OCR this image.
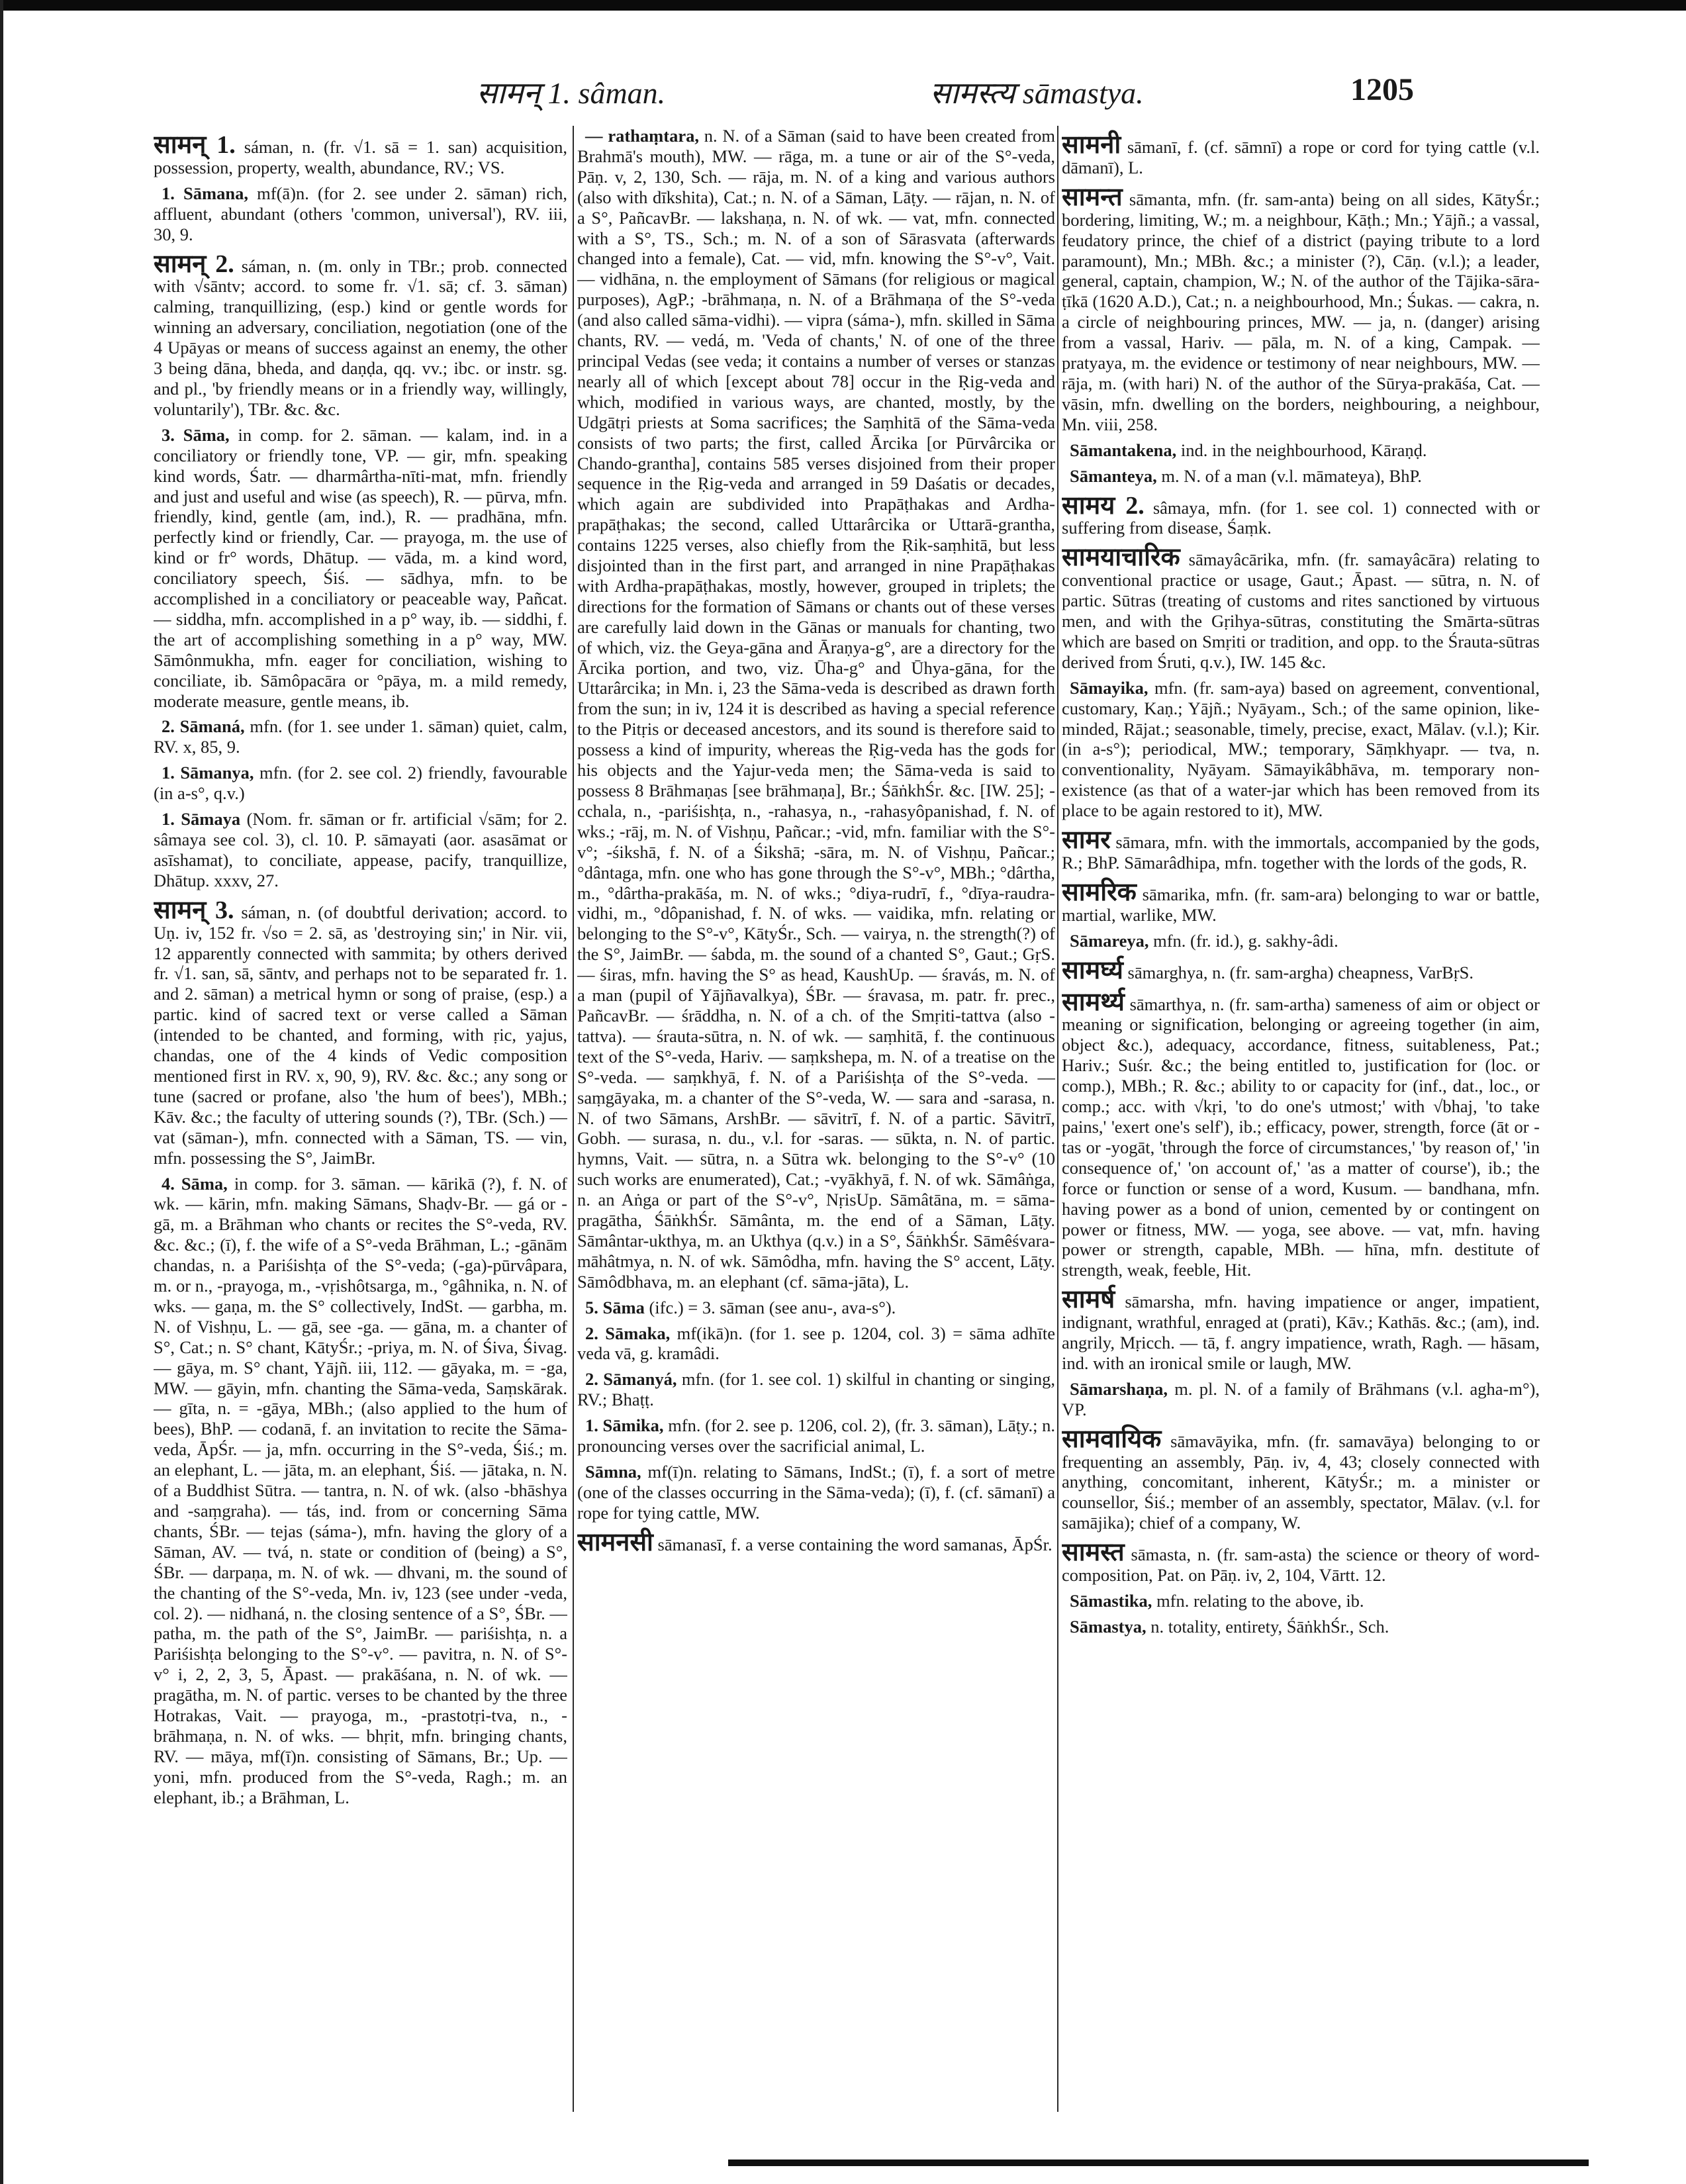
सामन् 1. sâman.	सामस्त्य sāmastya.	1205

सामन् 1. sáman, n. (fr. √1. sā = 1. san) acquisition, possession, property, wealth, abundance, RV.; VS.

1. Sāmana, mf(ā)n. (for 2. see under 2. sāman) rich, affluent, abundant (others 'common, universal'), RV. iii, 30, 9.

सामन् 2. sáman, n. (m. only in TBr.; prob. connected with √sāntv; accord. to some fr. √1. sā; cf. 3. sāman) calming, tranquillizing, (esp.) kind or gentle words for winning an adversary, conciliation, negotiation (one of the 4 Upāyas or means of success against an enemy, the other 3 being dāna, bheda, and daṇḍa, qq. vv.; ibc. or instr. sg. and pl., 'by friendly means or in a friendly way, willingly, voluntarily'), TBr. &c. &c.

3. Sāma, in comp. for 2. sāman. — kalam, ind. in a conciliatory or friendly tone, VP. — gir, mfn. speaking kind words, Śatr. — dharmârtha-nīti-mat, mfn. friendly and just and useful and wise (as speech), R. — pūrva, mfn. friendly, kind, gentle (am, ind.), R. — pradhāna, mfn. perfectly kind or friendly, Car. — prayoga, m. the use of kind or fr° words, Dhātup. — vāda, m. a kind word, conciliatory speech, Śiś. — sādhya, mfn. to be accomplished in a conciliatory or peaceable way, Pañcat. — siddha, mfn. accomplished in a p° way, ib. — siddhi, f. the art of accomplishing something in a p° way, MW. Sāmônmukha, mfn. eager for conciliation, wishing to conciliate, ib. Sāmôpacāra or °pāya, m. a mild remedy, moderate measure, gentle means, ib.

2. Sāmaná, mfn. (for 1. see under 1. sāman) quiet, calm, RV. x, 85, 9.

1. Sāmanya, mfn. (for 2. see col. 2) friendly, favourable (in a-s°, q.v.)

1. Sāmaya (Nom. fr. sāman or fr. artificial √sām; for 2. sâmaya see col. 3), cl. 10. P. sāmayati (aor. asasāmat or asīshamat), to conciliate, appease, pacify, tranquillize, Dhātup. xxxv, 27.

सामन् 3. sáman, n. (of doubtful derivation; accord. to Uṇ. iv, 152 fr. √so = 2. sā, as 'destroying sin;' in Nir. vii, 12 apparently connected with sammita; by others derived fr. √1. san, sā, sāntv, and perhaps not to be separated fr. 1. and 2. sāman) a metrical hymn or song of praise, (esp.) a partic. kind of sacred text or verse called a Sāman (intended to be chanted, and forming, with ṛic, yajus, chandas, one of the 4 kinds of Vedic composition mentioned first in RV. x, 90, 9), RV. &c. &c.; any song or tune (sacred or profane, also 'the hum of bees'), MBh.; Kāv. &c.; the faculty of uttering sounds (?), TBr. (Sch.) — vat (sāman-), mfn. connected with a Sāman, TS. — vin, mfn. possessing the S°, JaimBr.

4. Sāma, in comp. for 3. sāman. — kārikā (?), f. N. of wk. — kārin, mfn. making Sāmans, Shaḍv-Br. — gá or -gā, m. a Brāhman who chants or recites the S°-veda, RV. &c. &c.; (ī), f. the wife of a S°-veda Brāhman, L.; -gānām chandas, n. a Pariśishṭa of the S°-veda; (-ga)-pūrvâpara, m. or n., -prayoga, m., -vṛishôtsarga, m., °gâhnika, n. N. of wks. — gaṇa, m. the S° collectively, IndSt. — garbha, m. N. of Vishṇu, L. — gā, see -ga. — gāna, m. a chanter of S°, Cat.; n. S° chant, KātyŚr.; -priya, m. N. of Śiva, Śivag. — gāya, m. S° chant, Yājñ. iii, 112. — gāyaka, m. = -ga, MW. — gāyin, mfn. chanting the Sāma-veda, Saṃskārak. — gīta, n. = -gāya, MBh.; (also applied to the hum of bees), BhP. — codanā, f. an invitation to recite the Sāma-veda, ĀpŚr. — ja, mfn. occurring in the S°-veda, Śiś.; m. an elephant, L. — jāta, m. an elephant, Śiś. — jātaka, n. N. of a Buddhist Sūtra. — tantra, n. N. of wk. (also -bhāshya and -saṃgraha). — tás, ind. from or concerning Sāma chants, ŚBr. — tejas (sáma-), mfn. having the glory of a Sāman, AV. — tvá, n. state or condition of (being) a S°, ŚBr. — darpaṇa, m. N. of wk. — dhvani, m. the sound of the chanting of the S°-veda, Mn. iv, 123 (see under -veda, col. 2). — nidhaná, n. the closing sentence of a S°, ŚBr. — patha, m. the path of the S°, JaimBr. — pariśishṭa, n. a Pariśishṭa belonging to the S°-v°. — pavitra, n. N. of S°-v° i, 2, 2, 3, 5, Āpast. — prakāśana, n. N. of wk. — pragātha, m. N. of partic. verses to be chanted by the three Hotrakas, Vait. — prayoga, m., -prastotṛi-tva, n., -brāhmaṇa, n. N. of wks. — bhṛit, mfn. bringing chants, RV. — māya, mf(ī)n. consisting of Sāmans, Br.; Up. — yoni, mfn. produced from the S°-veda, Ragh.; m. an elephant, ib.; a Brāhman, L.

— rathaṃtara, n. N. of a Sāman (said to have been created from Brahmā's mouth), MW. — rāga, m. a tune or air of the S°-veda, Pāṇ. v, 2, 130, Sch. — rāja, m. N. of a king and various authors (also with dīkshita), Cat.; n. N. of a Sāman, Lāṭy. — rājan, n. N. of a S°, PañcavBr. — lakshaṇa, n. N. of wk. — vat, mfn. connected with a S°, TS., Sch.; m. N. of a son of Sārasvata (afterwards changed into a female), Cat. — vid, mfn. knowing the S°-v°, Vait. — vidhāna, n. the employment of Sāmans (for religious or magical purposes), AgP.; -brāhmaṇa, n. N. of a Brāhmaṇa of the S°-veda (and also called sāma-vidhi). — vipra (sáma-), mfn. skilled in Sāma chants, RV. — vedá, m. 'Veda of chants,' N. of one of the three principal Vedas (see veda; it contains a number of verses or stanzas nearly all of which [except about 78] occur in the Ṛig-veda and which, modified in various ways, are chanted, mostly, by the Udgātṛi priests at Soma sacrifices; the Saṃhitā of the Sāma-veda consists of two parts; the first, called Ārcika [or Pūrvârcika or Chando-grantha], contains 585 verses disjoined from their proper sequence in the Ṛig-veda and arranged in 59 Daśatis or decades, which again are subdivided into Prapāṭhakas and Ardha-prapāṭhakas; the second, called Uttarârcika or Uttarā-grantha, contains 1225 verses, also chiefly from the Ṛik-saṃhitā, but less disjointed than in the first part, and arranged in nine Prapāṭhakas with Ardha-prapāṭhakas, mostly, however, grouped in triplets; the directions for the formation of Sāmans or chants out of these verses are carefully laid down in the Gānas or manuals for chanting, two of which, viz. the Geya-gāna and Āraṇya-g°, are a directory for the Ārcika portion, and two, viz. Ūha-g° and Ūhya-gāna, for the Uttarârcika; in Mn. i, 23 the Sāma-veda is described as drawn forth from the sun; in iv, 124 it is described as having a special reference to the Pitṛis or deceased ancestors, and its sound is therefore said to possess a kind of impurity, whereas the Ṛig-veda has the gods for his objects and the Yajur-veda men; the Sāma-veda is said to possess 8 Brāhmaṇas [see brāhmaṇa], Br.; ŚāṅkhŚr. &c. [IW. 25]; -cchala, n., -pariśishṭa, n., -rahasya, n., -rahasyôpanishad, f. N. of wks.; -rāj, m. N. of Vishṇu, Pañcar.; -vid, mfn. familiar with the S°-v°; -śikshā, f. N. of a Śikshā; -sāra, m. N. of Vishṇu, Pañcar.; °dântaga, mfn. one who has gone through the S°-v°, MBh.; °dârtha, m., °dârtha-prakāśa, m. N. of wks.; °diya-rudrī, f., °dīya-raudra-vidhi, m., °dôpanishad, f. N. of wks. — vaidika, mfn. relating or belonging to the S°-v°, KātyŚr., Sch. — vairya, n. the strength(?) of the S°, JaimBr. — śabda, m. the sound of a chanted S°, Gaut.; GṛS. — śiras, mfn. having the S° as head, KaushUp. — śravás, m. N. of a man (pupil of Yājñavalkya), ŚBr. — śravasa, m. patr. fr. prec., PañcavBr. — śrāddha, n. N. of a ch. of the Smṛiti-tattva (also -tattva). — śrauta-sūtra, n. N. of wk. — saṃhitā, f. the continuous text of the S°-veda, Hariv. — saṃkshepa, m. N. of a treatise on the S°-veda. — saṃkhyā, f. N. of a Pariśishṭa of the S°-veda. — saṃgāyaka, m. a chanter of the S°-veda, W. — sara and -sarasa, n. N. of two Sāmans, ArshBr. — sāvitrī, f. N. of a partic. Sāvitrī, Gobh. — surasa, n. du., v.l. for -saras. — sūkta, n. N. of partic. hymns, Vait. — sūtra, n. a Sūtra wk. belonging to the S°-v° (10 such works are enumerated), Cat.; -vyākhyā, f. N. of wk. Sāmâṅga, n. an Aṅga or part of the S°-v°, NṛisUp. Sāmâtāna, m. = sāma-pragātha, ŚāṅkhŚr. Sāmânta, m. the end of a Sāman, Lāṭy. Sāmântar-ukthya, m. an Ukthya (q.v.) in a S°, ŚāṅkhŚr. Sāmêśvara-māhâtmya, n. N. of wk. Sāmôdha, mfn. having the S° accent, Lāṭy. Sāmôdbhava, m. an elephant (cf. sāma-jāta), L.

5. Sāma (ifc.) = 3. sāman (see anu-, ava-s°).

2. Sāmaka, mf(ikā)n. (for 1. see p. 1204, col. 3) = sāma adhīte veda vā, g. kramâdi.

2. Sāmanyá, mfn. (for 1. see col. 1) skilful in chanting or singing, RV.; Bhaṭṭ.

1. Sāmika, mfn. (for 2. see p. 1206, col. 2), (fr. 3. sāman), Lāṭy.; n. pronouncing verses over the sacrificial animal, L.

Sāmna, mf(ī)n. relating to Sāmans, IndSt.; (ī), f. a sort of metre (one of the classes occurring in the Sāma-veda); (ī), f. (cf. sāmanī) a rope for tying cattle, MW.

सामनसी sāmanasī, f. a verse containing the word samanas, ĀpŚr.

सामनी sāmanī, f. (cf. sāmnī) a rope or cord for tying cattle (v.l. dāmanī), L.

सामन्त sāmanta, mfn. (fr. sam-anta) being on all sides, KātyŚr.; bordering, limiting, W.; m. a neighbour, Kāṭh.; Mn.; Yājñ.; a vassal, feudatory prince, the chief of a district (paying tribute to a lord paramount), Mn.; MBh. &c.; a minister (?), Cāṇ. (v.l.); a leader, general, captain, champion, W.; N. of the author of the Tājika-sāra-ṭīkā (1620 A.D.), Cat.; n. a neighbourhood, Mn.; Śukas. — cakra, n. a circle of neighbouring princes, MW. — ja, n. (danger) arising from a vassal, Hariv. — pāla, m. N. of a king, Campak. — pratyaya, m. the evidence or testimony of near neighbours, MW. — rāja, m. (with hari) N. of the author of the Sūrya-prakāśa, Cat. — vāsin, mfn. dwelling on the borders, neighbouring, a neighbour, Mn. viii, 258.

Sāmantakena, ind. in the neighbourhood, Kāraṇḍ.

Sāmanteya, m. N. of a man (v.l. māmateya), BhP.

सामय 2. sâmaya, mfn. (for 1. see col. 1) connected with or suffering from disease, Śaṃk.

सामयाचारिक sāmayâcārika, mfn. (fr. samayâcāra) relating to conventional practice or usage, Gaut.; Āpast. — sūtra, n. N. of partic. Sūtras (treating of customs and rites sanctioned by virtuous men, and with the Gṛihya-sūtras, constituting the Smārta-sūtras which are based on Smṛiti or tradition, and opp. to the Śrauta-sūtras derived from Śruti, q.v.), IW. 145 &c.

Sāmayika, mfn. (fr. sam-aya) based on agreement, conventional, customary, Kaṇ.; Yājñ.; Nyāyam., Sch.; of the same opinion, like-minded, Rājat.; seasonable, timely, precise, exact, Mālav. (v.l.); Kir. (in a-s°); periodical, MW.; temporary, Sāṃkhyapr. — tva, n. conventionality, Nyāyam. Sāmayikâbhāva, m. temporary non-existence (as that of a water-jar which has been removed from its place to be again restored to it), MW.

सामर sāmara, mfn. with the immortals, accompanied by the gods, R.; BhP. Sāmarâdhipa, mfn. together with the lords of the gods, R.

सामरिक sāmarika, mfn. (fr. sam-ara) belonging to war or battle, martial, warlike, MW.

Sāmareya, mfn. (fr. id.), g. sakhy-âdi.

सामर्घ्य sāmarghya, n. (fr. sam-argha) cheapness, VarBṛS.

सामर्थ्य sāmarthya, n. (fr. sam-artha) sameness of aim or object or meaning or signification, belonging or agreeing together (in aim, object &c.), adequacy, accordance, fitness, suitableness, Pat.; Hariv.; Suśr. &c.; the being entitled to, justification for (loc. or comp.), MBh.; R. &c.; ability to or capacity for (inf., dat., loc., or comp.; acc. with √kṛi, 'to do one's utmost;' with √bhaj, 'to take pains,' 'exert one's self'), ib.; efficacy, power, strength, force (āt or -tas or -yogāt, 'through the force of circumstances,' 'by reason of,' 'in consequence of,' 'on account of,' 'as a matter of course'), ib.; the force or function or sense of a word, Kusum. — bandhana, mfn. having power as a bond of union, cemented by or contingent on power or fitness, MW. — yoga, see above. — vat, mfn. having power or strength, capable, MBh. — hīna, mfn. destitute of strength, weak, feeble, Hit.

सामर्ष sāmarsha, mfn. having impatience or anger, impatient, indignant, wrathful, enraged at (prati), Kāv.; Kathās. &c.; (am), ind. angrily, Mṛicch. — tā, f. angry impatience, wrath, Ragh. — hāsam, ind. with an ironical smile or laugh, MW.

Sāmarshaṇa, m. pl. N. of a family of Brāhmans (v.l. agha-m°), VP.

सामवायिक sāmavāyika, mfn. (fr. samavāya) belonging to or frequenting an assembly, Pāṇ. iv, 4, 43; closely connected with anything, concomitant, inherent, KātyŚr.; m. a minister or counsellor, Śiś.; member of an assembly, spectator, Mālav. (v.l. for samājika); chief of a company, W.

सामस्त sāmasta, n. (fr. sam-asta) the science or theory of word-composition, Pat. on Pāṇ. iv, 2, 104, Vārtt. 12.

Sāmastika, mfn. relating to the above, ib.

Sāmastya, n. totality, entirety, ŚāṅkhŚr., Sch.
